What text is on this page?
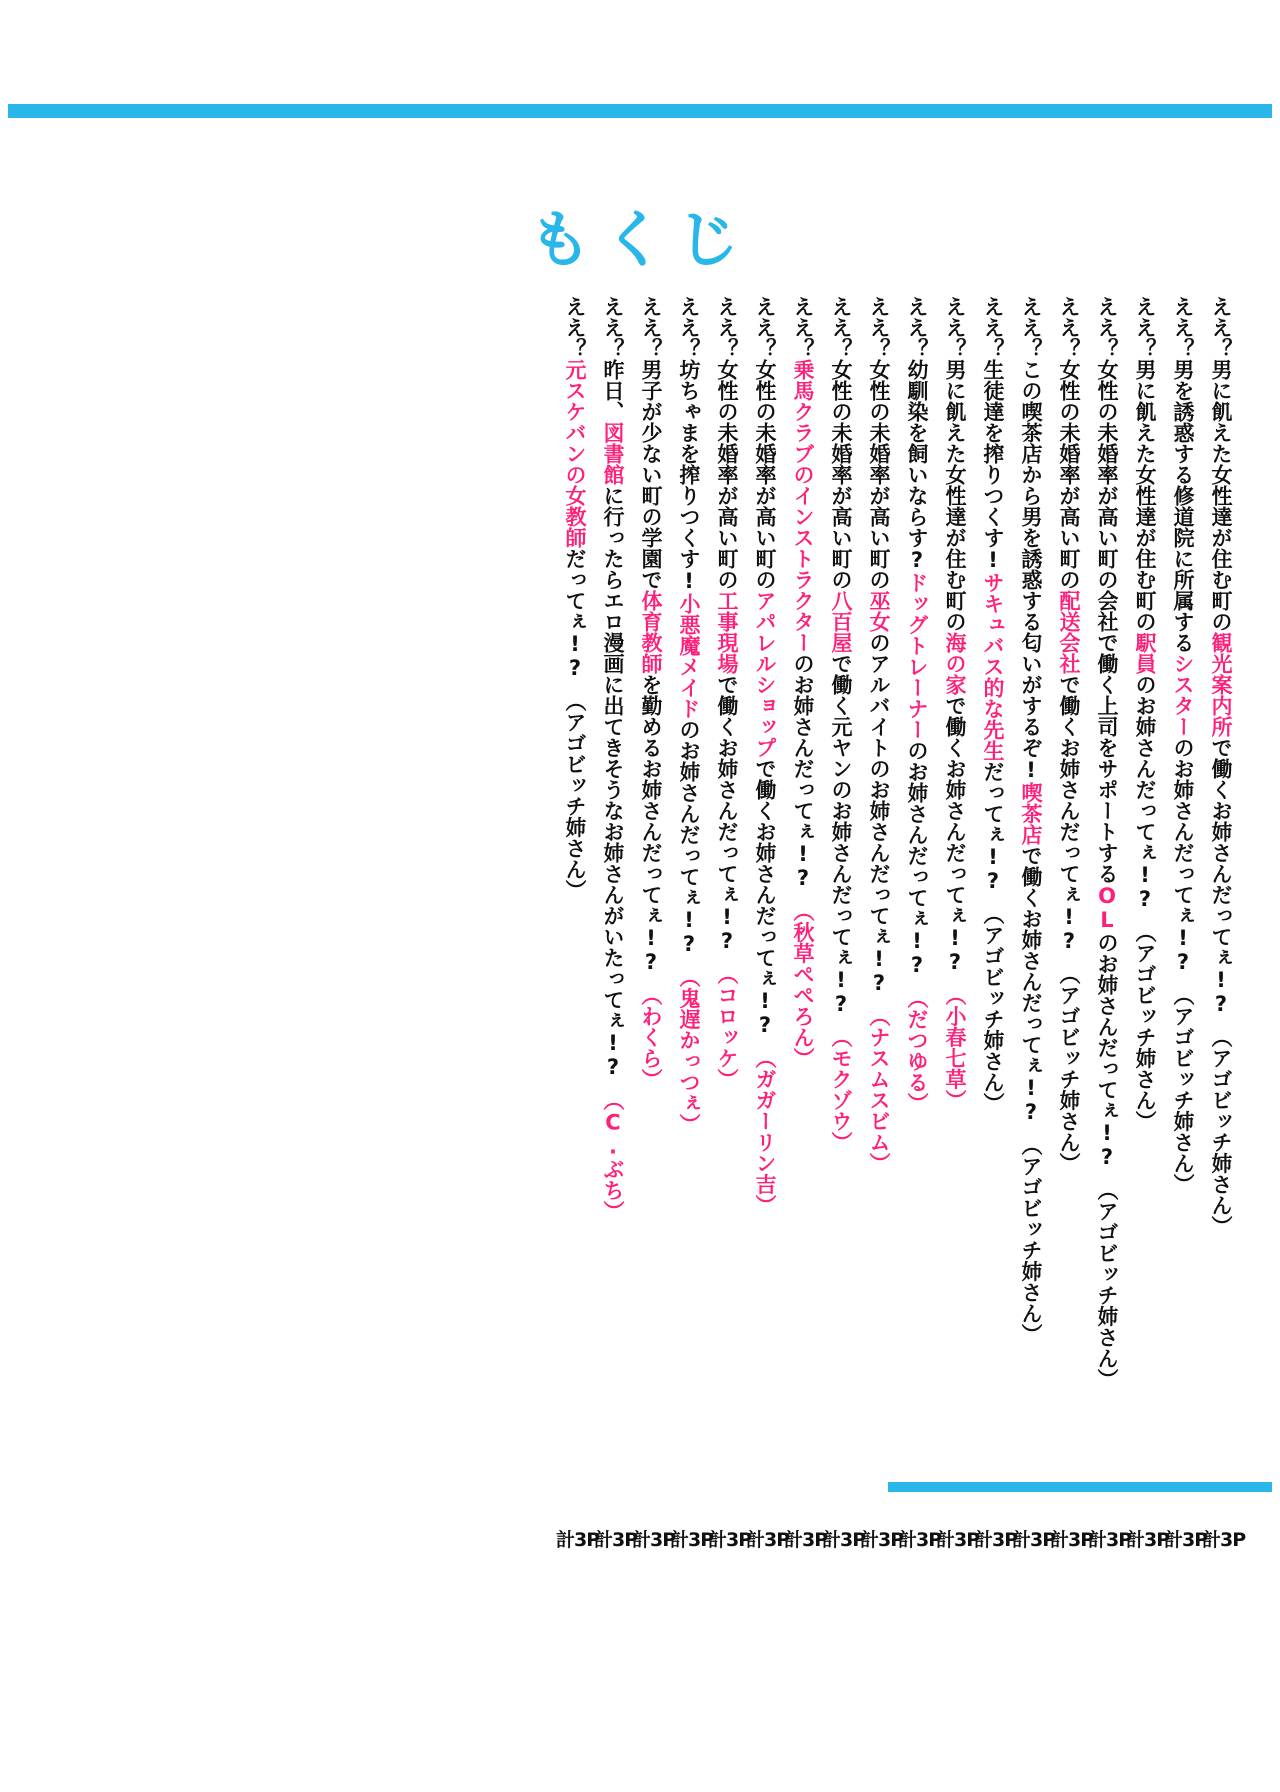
もくじ
ええ？男に飢えた女性達が住む町の観光案内所で働くお姉さんだってぇ!?　（アゴビッチ姉さん）
計3P
ええ？男を誘惑する修道院に所属するシスターのお姉さんだってぇ!?　（アゴビッチ姉さん）
計3P
ええ？男に飢えた女性達が住む町の駅員のお姉さんだってぇ!?　（アゴビッチ姉さん）
計3P
ええ？女性の未婚率が高い町の会社で働く上司をサポートするOLのお姉さんだってぇ!?　（アゴビッチ姉さん）
計3P
ええ？女性の未婚率が高い町の配送会社で働くお姉さんだってぇ!?　（アゴビッチ姉さん）
計3P
ええ？この喫茶店から男を誘惑する匂いがするぞ!喫茶店で働くお姉さんだってぇ!?　（アゴビッチ姉さん）
計3P
ええ？生徒達を搾りつくす!サキュバス的な先生だってぇ!?　（アゴビッチ姉さん）
計3P
ええ？男に飢えた女性達が住む町の海の家で働くお姉さんだってぇ!?　（小春七草）
計3P
ええ？幼馴染を飼いならす?ドッグトレーナーのお姉さんだってぇ!?　（だつゆる）
計3P
ええ？女性の未婚率が高い町の巫女のアルバイトのお姉さんだってぇ!?　（ナスムスビム）
計3P
ええ？女性の未婚率が高い町の八百屋で働く元ヤンのお姉さんだってぇ!?　（モクゾウ）
計3P
ええ？乗馬クラブのインストラクターのお姉さんだってぇ!?　（秋草ぺぺろん）
計3P
ええ？女性の未婚率が高い町のアパレルショップで働くお姉さんだってぇ!?　（ガガーリン吉）
計3P
ええ？女性の未婚率が高い町の工事現場で働くお姉さんだってぇ!?　（コロッケ）
計3P
ええ？坊ちゃまを搾りつくす!小悪魔メイドのお姉さんだってぇ!?　（鬼遅かっつぇ）
計3P
ええ？男子が少ない町の学園で体育教師を勤めるお姉さんだってぇ!?　（わくら）
計3P
ええ？昨日、図書館に行ったらエロ漫画に出てきそうなお姉さんがいたってぇ!?　（C.ぶち）
計3P
ええ？元スケバンの女教師だってぇ!?　（アゴビッチ姉さん）
計3P
